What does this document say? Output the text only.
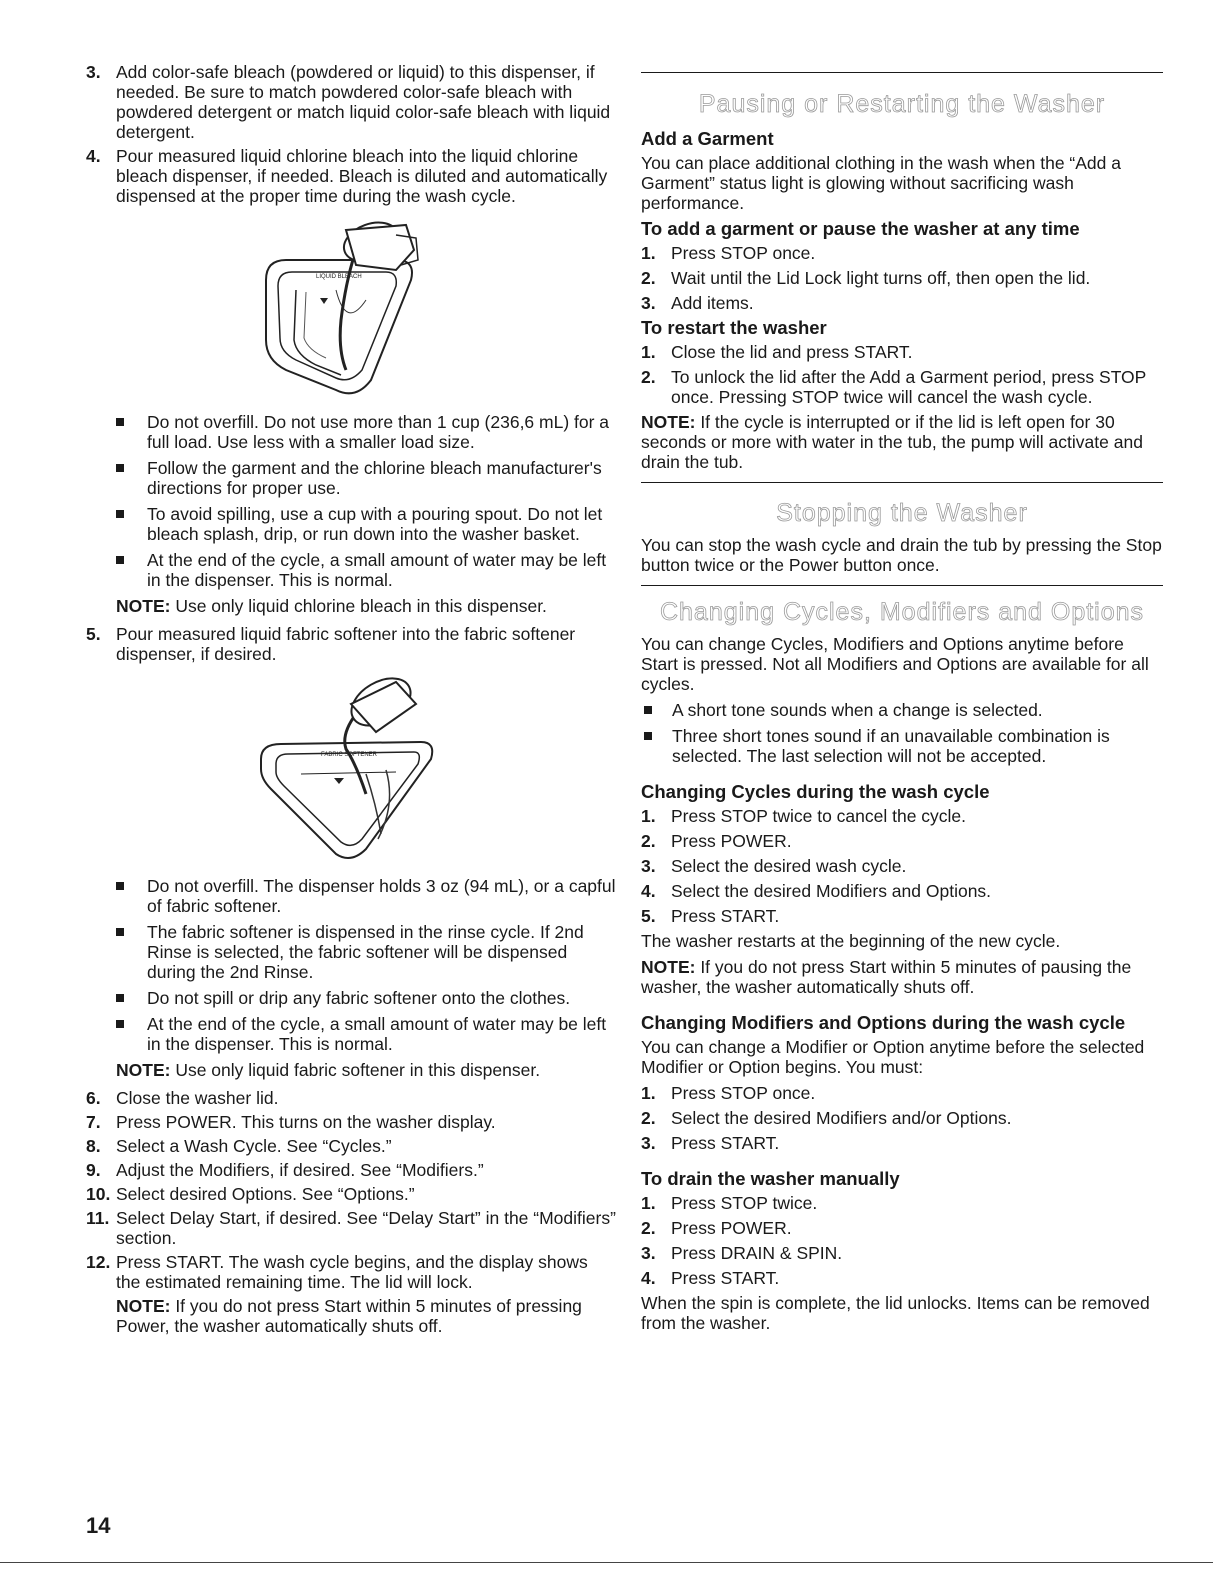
3. Add color-safe bleach (powdered or liquid) to this dispenser, if needed. Be sure to match powdered color-safe bleach with powdered detergent or match liquid color-safe bleach with liquid detergent.
4. Pour measured liquid chlorine bleach into the liquid chlorine bleach dispenser, if needed. Bleach is diluted and automatically dispensed at the proper time during the wash cycle.
LIQUID BLEACH
Do not overfill. Do not use more than 1 cup (236,6 mL) for a full load. Use less with a smaller load size.
Follow the garment and the chlorine bleach manufacturer's directions for proper use.
To avoid spilling, use a cup with a pouring spout. Do not let bleach splash, drip, or run down into the washer basket.
At the end of the cycle, a small amount of water may be left in the dispenser. This is normal.
NOTE: Use only liquid chlorine bleach in this dispenser.
5. Pour measured liquid fabric softener into the fabric softener dispenser, if desired.
FABRIC SOFTENER
Do not overfill. The dispenser holds 3 oz (94 mL), or a capful of fabric softener.
The fabric softener is dispensed in the rinse cycle. If 2nd Rinse is selected, the fabric softener will be dispensed during the 2nd Rinse.
Do not spill or drip any fabric softener onto the clothes.
At the end of the cycle, a small amount of water may be left in the dispenser. This is normal.
NOTE: Use only liquid fabric softener in this dispenser.
6. Close the washer lid.
7. Press POWER. This turns on the washer display.
8. Select a Wash Cycle. See “Cycles.”
9. Adjust the Modifiers, if desired. See “Modifiers.”
10. Select desired Options. See “Options.”
11. Select Delay Start, if desired. See “Delay Start” in the “Modifiers” section.
12. Press START. The wash cycle begins, and the display shows the estimated remaining time. The lid will lock.
NOTE: If you do not press Start within 5 minutes of pressing Power, the washer automatically shuts off.
Pausing or Restarting the Washer
Add a Garment
You can place additional clothing in the wash when the “Add a Garment” status light is glowing without sacrificing wash performance.
To add a garment or pause the washer at any time
1. Press STOP once.
2. Wait until the Lid Lock light turns off, then open the lid.
3. Add items.
To restart the washer
1. Close the lid and press START.
2. To unlock the lid after the Add a Garment period, press STOP once. Pressing STOP twice will cancel the wash cycle.
NOTE: If the cycle is interrupted or if the lid is left open for 30 seconds or more with water in the tub, the pump will activate and drain the tub.
Stopping the Washer
You can stop the wash cycle and drain the tub by pressing the Stop button twice or the Power button once.
Changing Cycles, Modifiers and Options
You can change Cycles, Modifiers and Options anytime before Start is pressed. Not all Modifiers and Options are available for all cycles.
A short tone sounds when a change is selected.
Three short tones sound if an unavailable combination is selected. The last selection will not be accepted.
Changing Cycles during the wash cycle
1. Press STOP twice to cancel the cycle.
2. Press POWER.
3. Select the desired wash cycle.
4. Select the desired Modifiers and Options.
5. Press START.
The washer restarts at the beginning of the new cycle.
NOTE: If you do not press Start within 5 minutes of pausing the washer, the washer automatically shuts off.
Changing Modifiers and Options during the wash cycle
You can change a Modifier or Option anytime before the selected Modifier or Option begins. You must:
1. Press STOP once.
2. Select the desired Modifiers and/or Options.
3. Press START.
To drain the washer manually
1. Press STOP twice.
2. Press POWER.
3. Press DRAIN & SPIN.
4. Press START.
When the spin is complete, the lid unlocks. Items can be removed from the washer.
14
